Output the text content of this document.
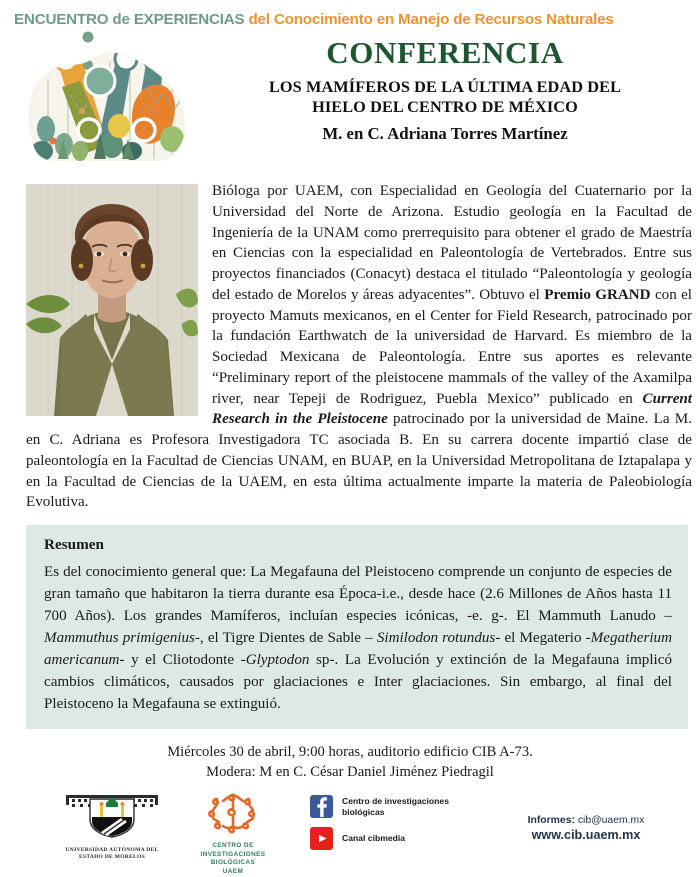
ENCUENTRO de EXPERIENCIAS del Conocimiento en Manejo de Recursos Naturales
CONFERENCIA
LOS MAMÍFEROS DE LA ÚLTIMA EDAD DEL
HIELO DEL CENTRO DE MÉXICO
M. en C. Adriana Torres Martínez

Bióloga por UAEM, con Especialidad en Geología del Cuaternario por la Universidad del Norte de Arizona. Estudio geología en la Facultad de Ingeniería de la UNAM como prerrequisito para obtener el grado de Maestría en Ciencias con la especialidad en Paleontología de Vertebrados. Entre sus proyectos financiados (Conacyt) destaca el titulado “Paleontología y geología del estado de Morelos y áreas adyacentes”. Obtuvo el Premio GRAND con el proyecto Mamuts mexicanos, en el Center for Field Research, patrocinado por la fundación Earthwatch de la universidad de Harvard. Es miembro de la Sociedad Mexicana de Paleontología. Entre sus aportes es relevante “Preliminary report of the pleistocene mammals of the valley of the Axamilpa river, near Tepeji de Rodriguez, Puebla Mexico” publicado en Current Research in the Pleistocene patrocinado por la universidad de Maine. La M. en C. Adriana es Profesora Investigadora TC asociada B. En su carrera docente impartió clase de paleontología en la Facultad de Ciencias UNAM, en BUAP, en la Universidad Metropolitana de Iztapalapa y en la Facultad de Ciencias de la UAEM, en esta última actualmente imparte la materia de Paleobiología Evolutiva.

Resumen

Es del conocimiento general que: La Megafauna del Pleistoceno comprende un conjunto de especies de gran tamaño que habitaron la tierra durante esa Época-i.e., desde hace (2.6 Millones de Años hasta 11 700 Años). Los grandes Mamíferos, incluían especies icónicas, -e. g-. El Mammuth Lanudo – Mammuthus primigenius-, el Tigre Dientes de Sable – Similodon rotundus- el Megaterio -Megatherium americanum- y el Cliotodonte -Glyptodon sp-. La Evolución y extinción de la Megafauna implicó cambios climáticos, causados por glaciaciones e Inter glaciaciones. Sin embargo, al final del Pleistoceno la Megafauna se extinguió.

Miércoles 30 de abril, 9:00 horas, auditorio edificio CIB A-73.
Modera: M en C. César Daniel Jiménez Piedragil
UNIVERSIDAD AUTÓNOMA DEL
ESTADO DE MORELOS
CENTRO DE
INVESTIGACIONES
BIOLÓGICAS
UAEM
Centro de investigaciones
biológicas
Canal cibmedia
Informes: cib@uaem.mx
www.cib.uaem.mx
